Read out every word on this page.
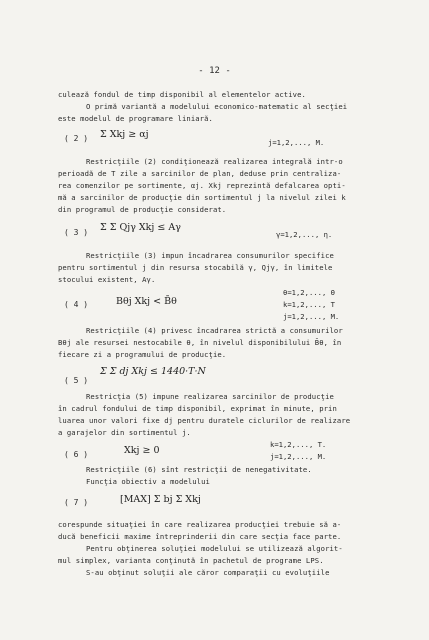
- 12 -
culează fondul de timp disponibil al elementelor active.
O primă variantă a modelului economico-matematic al secţiei
este modelul de programare liniară.
( 2 ) Σ Xkj ≥ αj
j=1,2,..., M.
Restricţiile (2) condiţionează realizarea integrală intr-o
perioadă de T zile a sarcinilor de plan, deduse prin centraliza-
rea comenzilor pe sortimente, αj. Xkj reprezintă defalcarea opti-
mă a sarcinilor de producţie din sortimentul j la nivelul zilei k
din programul de producţie considerat.
( 3 ) Σ Σ Qjγ Xkj ≤ Aγ
γ=1,2,..., η.
Restricţiile (3) impun încadrarea consumurilor specifice
pentru sortimentul j din resursa stocabilă γ, Qjγ, în limitele
stocului existent, Aγ.
θ=1,2,..., Θ
( 4 )	Bθj Xkj < B̄θ	k=1,2,..., T
j=1,2,..., M.
Restricţiile (4) privesc încadrarea strictă a consumurilor
Bθj ale resursei nestocabile θ, în nivelul disponibilului B̄θ, în
fiecare zi a programului de producţie.
( 5 )
Σ Σ dj Xkj ≤ 1440·T·N
Restricţia (5) impune realizarea sarcinilor de producţie
în cadrul fondului de timp disponibil, exprimat în minute, prin
luarea unor valori fixe dj pentru duratele ciclurilor de realizare
a garajelor din sortimentul j.
k=1,2,..., T.
( 6 )	Xkj ≥ 0
j=1,2,..., M.
Restricţiile (6) sînt restricţii de nenegativitate.
Funcţia obiectiv a modelului
( 7 )	[MAX] Σ bj Σ Xkj
corespunde situaţiei în care realizarea producţiei trebuie să a-
ducă beneficii maxime întreprinderii din care secţia face parte.
Pentru obţinerea soluţiei modelului se utilizează algorit-
mul simplex, varianta conţinută în pachetul de programe LPS.
S-au obţinut soluţii ale căror comparaţii cu evoluţiile
